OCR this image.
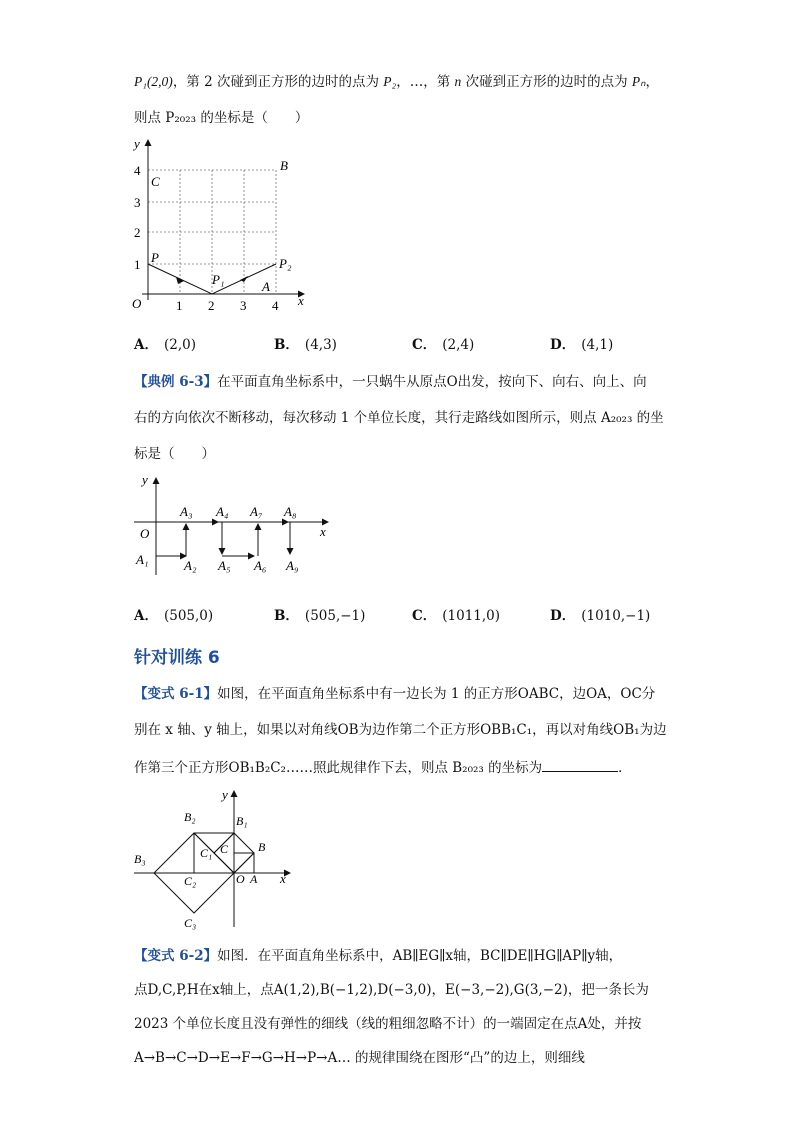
P₁(2,0)，第 2 次碰到正方形的边时的点为 P₂，…，第 n 次碰到正方形的边时的点为 Pₙ，
则点 P₂₀₂₃ 的坐标是（　　）
y
x
O
1
2
3
4
1 2 3 4
C
B
P
P₁
P₂
A
A． (2,0)	B． (4,3)	C． (2,4)	D． (4,1)
【典例 6-3】在平面直角坐标系中，一只蜗牛从原点O出发，按向下、向右、向上、向
右的方向依次不断移动，每次移动 1 个单位长度，其行走路线如图所示，则点 A₂₀₂₃ 的坐
标是（　　）
y
x
O
A₁	A₂
A₃ A₄
A₅ A₆
A₇ A₈
A₉
A． (505,0)	B． (505,−1)	C． (1011,0)	D． (1010,−1)
针对训练 6
【变式 6-1】如图，在平面直角坐标系中有一边长为 1 的正方形OABC，边OA，OC分
别在 x 轴、y 轴上，如果以对角线OB为边作第二个正方形OBB₁C₁，再以对角线OB₁为边
作第三个正方形OB₁B₂C₂……照此规律作下去，则点 B₂₀₂₃ 的坐标为	．
y
x
O A
B
C
B₁
C₁
B₂
C₂
B₃
C₃
【变式 6-2】如图．在平面直角坐标系中，AB∥EG∥x轴，BC∥DE∥HG∥AP∥y轴，
点D,C,P,H在x轴上，点A(1,2),B(−1,2),D(−3,0)，E(−3,−2),G(3,−2)，把一条长为
2023 个单位长度且没有弹性的细线（线的粗细忽略不计）的一端固定在点A处，并按
A→B→C→D→E→F→G→H→P→A… 的规律围绕在图形“凸”的边上，则细线
